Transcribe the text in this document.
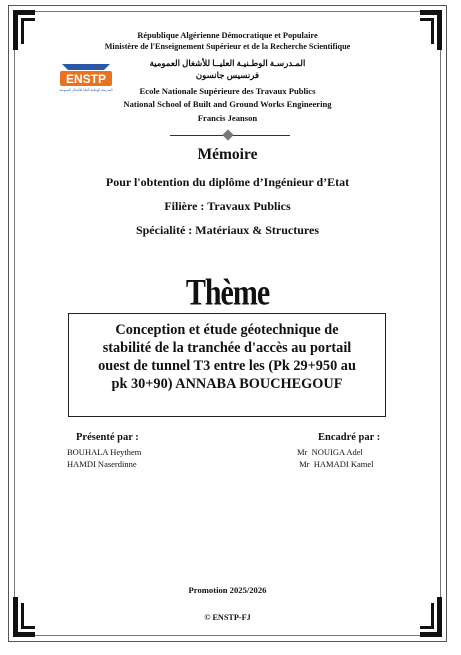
République Algérienne Démocratique et Populaire
Ministère de l'Enseignement Supérieur et de la Recherche Scientifique
ENSTP
المدرسة الوطنية العليا للأشغال العمومية
المـدرسـة الوطـنيـة العليــا للأشغال العمومية
فرنسيس جانسون
Ecole Nationale Supérieure des Travaux Publics
National School of Built and Ground Works Engineering
Francis Jeanson
Mémoire
Pour l'obtention du diplôme d’Ingénieur d’Etat
Filière : Travaux Publics
Spécialité : Matériaux & Structures
Thème
Conception et étude géotechnique de
stabilité de la tranchée d'accès au portail
ouest de tunnel T3 entre les (Pk 29+950 au
pk 30+90) ANNABA BOUCHEGOUF
Présenté par :
BOUHALA Heythem
HAMDI Naserdinne
Encadré par :
Mr  NOUIGA Adel
Mr  HAMADI Kamel
Promotion 2025/2026
© ENSTP-FJ
